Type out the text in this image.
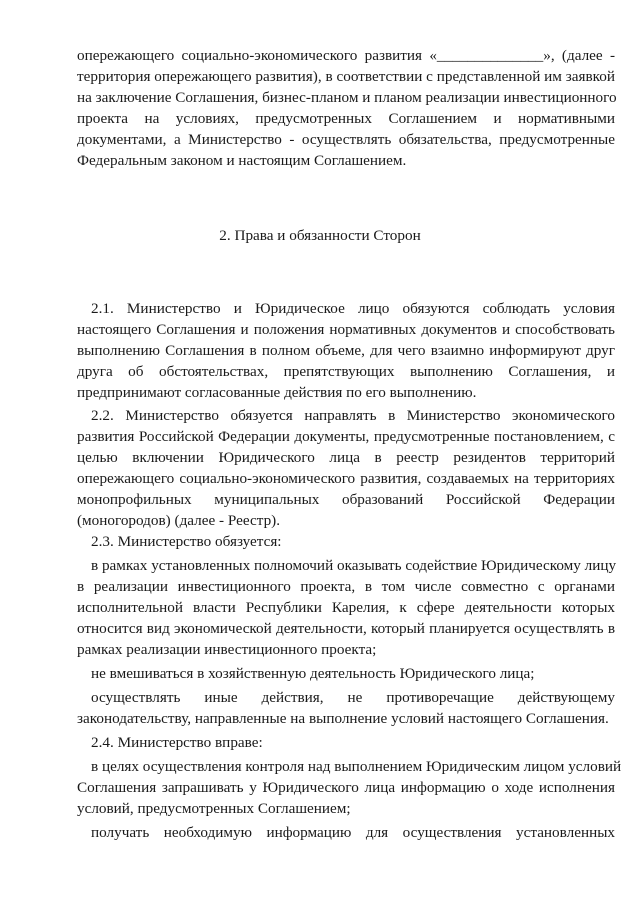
опережающего социально-экономического развития «______________», (далее -
территория опережающего развития), в соответствии с представленной им заявкой
на заключение Соглашения, бизнес-планом и планом реализации инвестиционного
проекта на условиях, предусмотренных Соглашением и нормативными
документами, а Министерство - осуществлять обязательства, предусмотренные
Федеральным законом и настоящим Соглашением.
2. Права и обязанности Сторон
2.1. Министерство и Юридическое лицо обязуются соблюдать условия
настоящего Соглашения и положения нормативных документов и способствовать
выполнению Соглашения в полном объеме, для чего взаимно информируют друг
друга об обстоятельствах, препятствующих выполнению Соглашения, и
предпринимают согласованные действия по его выполнению.
2.2. Министерство обязуется направлять в Министерство экономического
развития Российской Федерации документы, предусмотренные постановлением, с
целью включении Юридического лица в реестр резидентов территорий
опережающего социально-экономического развития, создаваемых на территориях
монопрофильных муниципальных образований Российской Федерации
(моногородов) (далее - Реестр).
2.3. Министерство обязуется:
в рамках установленных полномочий оказывать содействие Юридическому лицу
в реализации инвестиционного проекта, в том числе совместно с органами
исполнительной власти Республики Карелия, к сфере деятельности которых
относится вид экономической деятельности, который планируется осуществлять в
рамках реализации инвестиционного проекта;
не вмешиваться в хозяйственную деятельность Юридического лица;
осуществлять иные действия, не противоречащие действующему
законодательству, направленные на выполнение условий настоящего Соглашения.
2.4. Министерство вправе:
в целях осуществления контроля над выполнением Юридическим лицом условий
Соглашения запрашивать у Юридического лица информацию о ходе исполнения
условий, предусмотренных Соглашением;
получать необходимую информацию для осуществления установленных
